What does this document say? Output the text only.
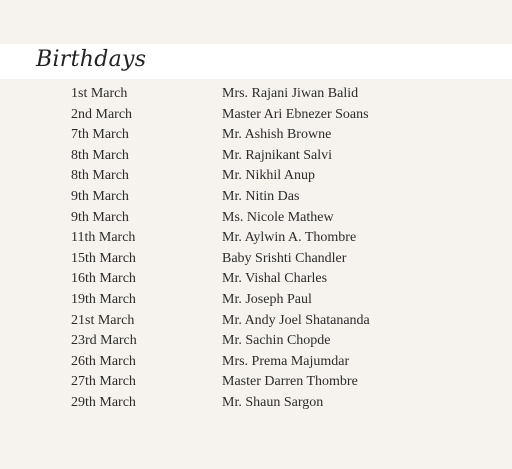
Birthdays
1st March	Mrs. Rajani Jiwan Balid
2nd March	Master Ari Ebnezer Soans
7th March	Mr. Ashish Browne
8th March	Mr. Rajnikant Salvi
8th March	Mr. Nikhil Anup
9th March	Mr. Nitin Das
9th March	Ms. Nicole Mathew
11th March	Mr. Aylwin A. Thombre
15th March	Baby Srishti Chandler
16th March	Mr. Vishal Charles
19th March	Mr. Joseph Paul
21st March	Mr. Andy Joel Shatananda
23rd March	Mr. Sachin Chopde
26th March	Mrs. Prema Majumdar
27th March	Master Darren Thombre
29th March	Mr. Shaun Sargon
